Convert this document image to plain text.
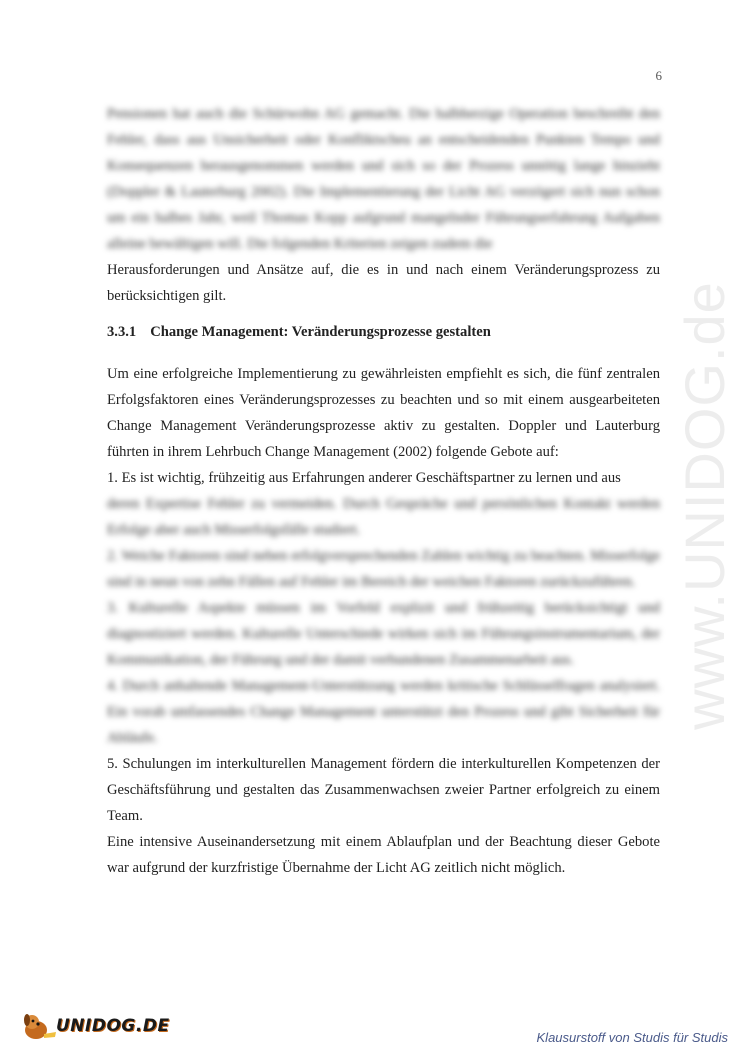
6
www.UNIDOG.de

Pensionen hat auch die Schürwohn AG gemacht. Die halbherzige Operation beschreibt den Fehler, dass aus Unsicherheit oder Konfliktscheu an entscheidenden Punkten Tempo und Konsequenzen herausgenommen werden und sich so der Prozess unnötig lange hinzieht (Doppler & Lauterburg 2002). Die Implementierung der Licht AG verzögert sich nun schon um ein halbes Jahr, weil Thomas Kopp aufgrund mangelnder Führungserfahrung Aufgaben alleine bewältigen will. Die folgenden Kriterien zeigen zudem die

Herausforderungen und Ansätze auf, die es in und nach einem Veränderungsprozess zu berücksichtigen gilt.

3.3.1 Change Management: Veränderungsprozesse gestalten

Um eine erfolgreiche Implementierung zu gewährleisten empfiehlt es sich, die fünf zentralen Erfolgsfaktoren eines Veränderungsprozesses zu beachten und so mit einem ausgearbeiteten Change Management Veränderungsprozesse aktiv zu gestalten. Doppler und Lauterburg führten in ihrem Lehrbuch Change Management (2002) folgende Gebote auf:

1. Es ist wichtig, frühzeitig aus Erfahrungen anderer Geschäftspartner zu lernen und aus

deren Expertise Fehler zu vermeiden. Durch Gespräche und persönlichen Kontakt werden Erfolge aber auch Misserfolgsfälle studiert.

2. Weiche Faktoren sind neben erfolgversprechenden Zahlen wichtig zu beachten. Misserfolge sind in neun von zehn Fällen auf Fehler im Bereich der weichen Faktoren zurückzuführen.

3. Kulturelle Aspekte müssen im Vorfeld explizit und frühzeitig berücksichtigt und diagnostiziert werden. Kulturelle Unterschiede wirken sich im Führungsinstrumentarium, der Kommunikation, der Führung und der damit verbundenen Zusammenarbeit aus.

4. Durch anhaltende Management-Unterstützung werden kritische Schlüsselfragen analysiert. Ein vorab umfassendes Change Management unterstützt den Prozess und gibt Sicherheit für Abläufe.

5. Schulungen im interkulturellen Management fördern die interkulturellen Kompetenzen der Geschäftsführung und gestalten das Zusammenwachsen zweier Partner erfolgreich zu einem Team.

Eine intensive Auseinandersetzung mit einem Ablaufplan und der Beachtung dieser Gebote war aufgrund der kurzfristige Übernahme der Licht AG zeitlich nicht möglich.

UNIDOG.DE
Klausurstoff von Studis für Studis
